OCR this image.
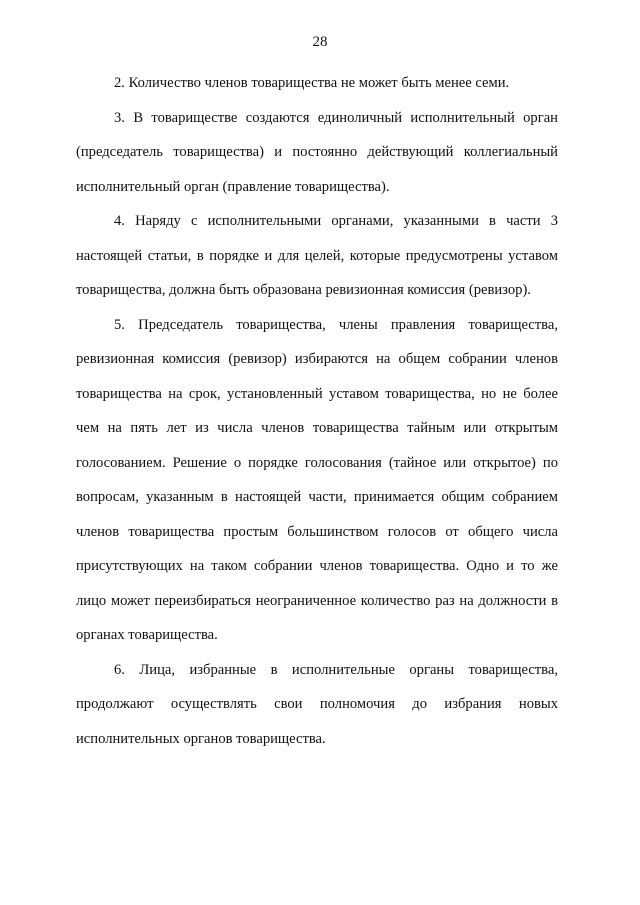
28

2. Количество членов товарищества не может быть менее семи.

3. В товариществе создаются единоличный исполнительный орган (председатель товарищества) и постоянно действующий коллегиальный исполнительный орган (правление товарищества).

4. Наряду с исполнительными органами, указанными в части 3 настоящей статьи, в порядке и для целей, которые предусмотрены уставом товарищества, должна быть образована ревизионная комиссия (ревизор).

5. Председатель товарищества, члены правления товарищества, ревизионная комиссия (ревизор) избираются на общем собрании членов товарищества на срок, установленный уставом товарищества, но не более чем на пять лет из числа членов товарищества тайным или открытым голосованием. Решение о порядке голосования (тайное или открытое) по вопросам, указанным в настоящей части, принимается общим собранием членов товарищества простым большинством голосов от общего числа присутствующих на таком собрании членов товарищества. Одно и то же лицо может переизбираться неограниченное количество раз на должности в органах товарищества.

6. Лица, избранные в исполнительные органы товарищества, продолжают осуществлять свои полномочия до избрания новых исполнительных органов товарищества.
